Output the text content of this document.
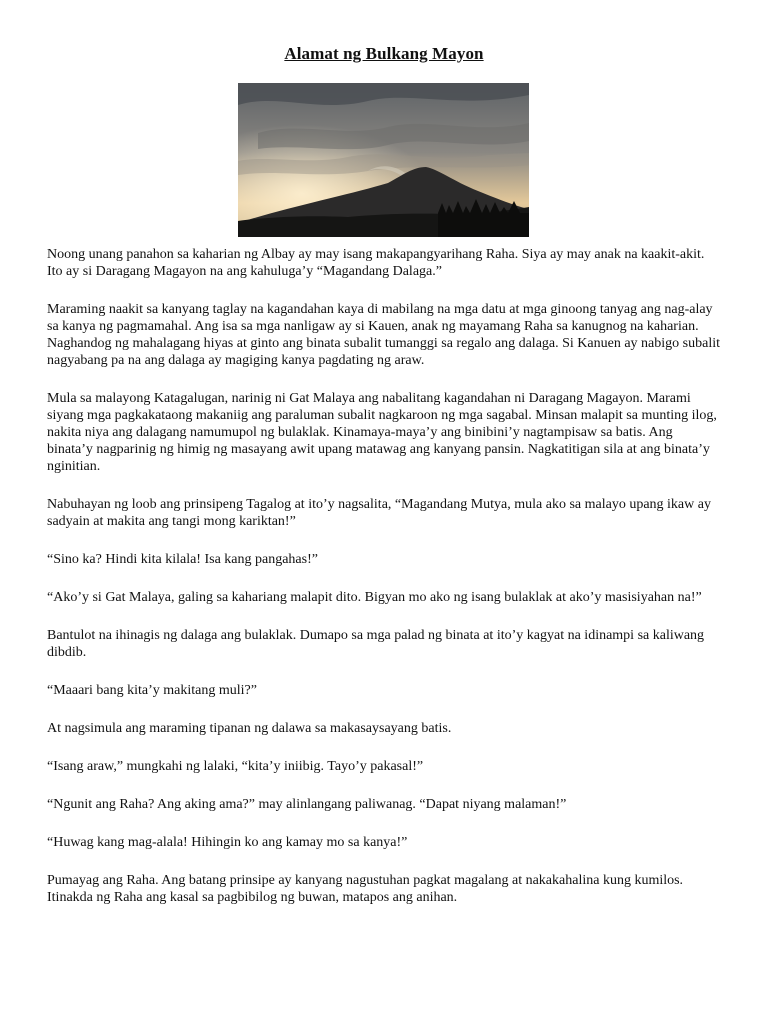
Alamat ng Bulkang Mayon

Noong unang panahon sa kaharian ng Albay ay may isang makapangyarihang Raha. Siya ay may anak na kaakit-akit. Ito ay si Daragang Magayon na ang kahuluga’y “Magandang Dalaga.”

Maraming naakit sa kanyang taglay na kagandahan kaya di mabilang na mga datu at mga ginoong tanyag ang nag-alay sa kanya ng pagmamahal. Ang isa sa mga nanligaw ay si Kauen, anak ng mayamang Raha sa kanugnog na kaharian. Naghandog ng mahalagang hiyas at ginto ang binata subalit tumanggi sa regalo ang dalaga. Si Kanuen ay nabigo subalit nagyabang pa na ang dalaga ay magiging kanya pagdating ng araw.

Mula sa malayong Katagalugan, narinig ni Gat Malaya ang nabalitang kagandahan ni Daragang Magayon. Marami siyang mga pagkakataong makaniig ang paraluman subalit nagkaroon ng mga sagabal. Minsan malapit sa munting ilog, nakita niya ang dalagang namumupol ng bulaklak. Kinamaya-maya’y ang binibini’y nagtampisaw sa batis. Ang binata’y nagparinig ng himig ng masayang awit upang matawag ang kanyang pansin. Nagkatitigan sila at ang binata’y nginitian.

Nabuhayan ng loob ang prinsipeng Tagalog at ito’y nagsalita, “Magandang Mutya, mula ako sa malayo upang ikaw ay sadyain at makita ang tangi mong kariktan!”

“Sino ka? Hindi kita kilala! Isa kang pangahas!”

“Ako’y si Gat Malaya, galing sa kahariang malapit dito. Bigyan mo ako ng isang bulaklak at ako’y masisiyahan na!”

Bantulot na ihinagis ng dalaga ang bulaklak. Dumapo sa mga palad ng binata at ito’y kagyat na idinampi sa kaliwang dibdib.

“Maaari bang kita’y makitang muli?”

At nagsimula ang maraming tipanan ng dalawa sa makasaysayang batis.

“Isang araw,” mungkahi ng lalaki, “kita’y iniibig. Tayo’y pakasal!”

“Ngunit ang Raha? Ang aking ama?” may alinlangang paliwanag. “Dapat niyang malaman!”

“Huwag kang mag-alala! Hihingin ko ang kamay mo sa kanya!”

Pumayag ang Raha. Ang batang prinsipe ay kanyang nagustuhan pagkat magalang at nakakahalina kung kumilos. Itinakda ng Raha ang kasal sa pagbibilog ng buwan, matapos ang anihan.
